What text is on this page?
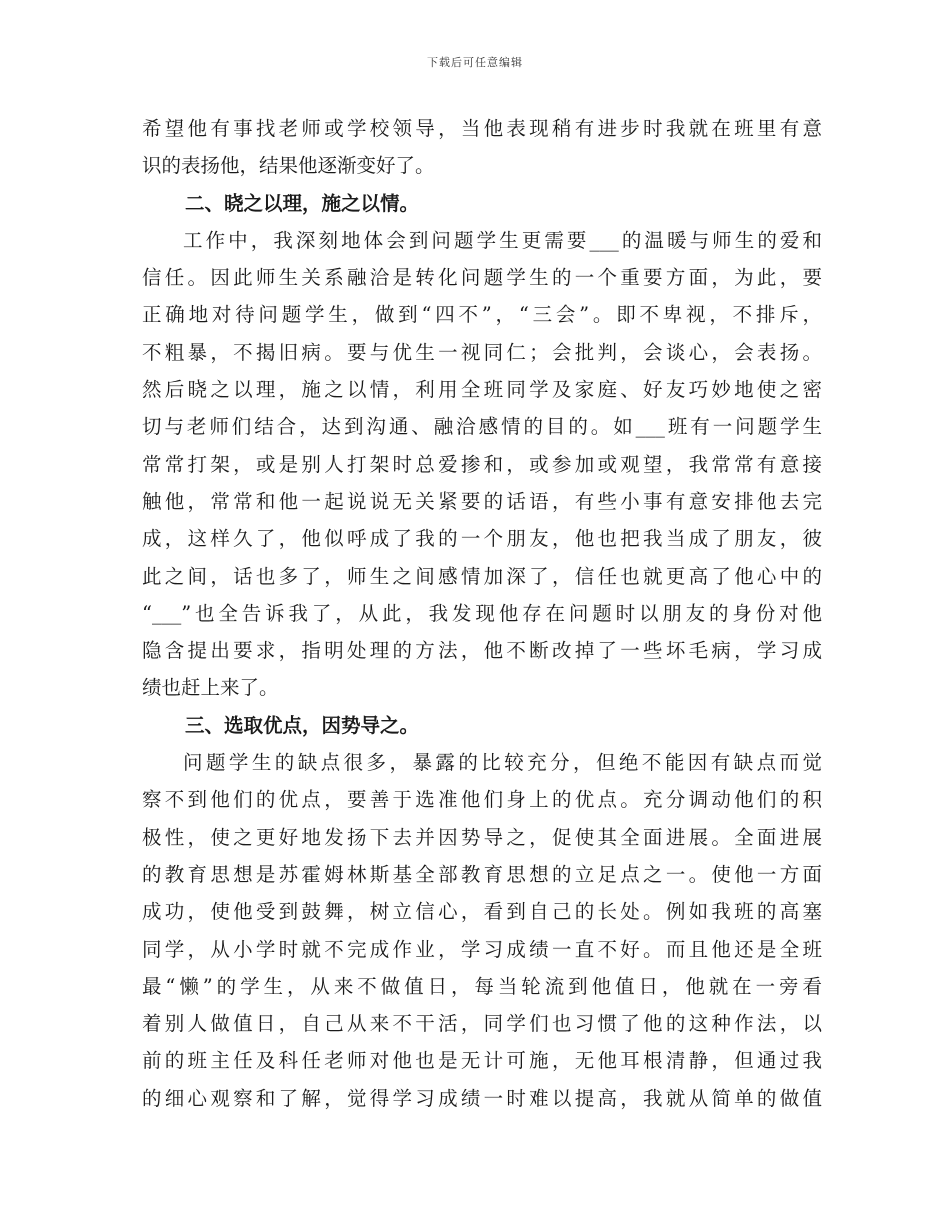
下载后可任意编辑
希望他有事找老师或学校领导，当他表现稍有进步时我就在班里有意
识的表扬他，结果他逐渐变好了。
二、晓之以理，施之以情。
工作中，我深刻地体会到问题学生更需要___的温暖与师生的爱和
信任。因此师生关系融洽是转化问题学生的一个重要方面，为此，要
正确地对待问题学生，做到“四不”，“三会”。即不卑视，不排斥，
不粗暴，不揭旧病。要与优生一视同仁；会批判，会谈心，会表扬。
然后晓之以理，施之以情，利用全班同学及家庭、好友巧妙地使之密
切与老师们结合，达到沟通、融洽感情的目的。如___班有一问题学生
常常打架，或是别人打架时总爱掺和，或参加或观望，我常常有意接
触他，常常和他一起说说无关紧要的话语，有些小事有意安排他去完
成，这样久了，他似呼成了我的一个朋友，他也把我当成了朋友，彼
此之间，话也多了，师生之间感情加深了，信任也就更高了他心中的
“___”也全告诉我了，从此，我发现他存在问题时以朋友的身份对他
隐含提出要求，指明处理的方法，他不断改掉了一些坏毛病，学习成
绩也赶上来了。
三、选取优点，因势导之。
问题学生的缺点很多，暴露的比较充分，但绝不能因有缺点而觉
察不到他们的优点，要善于选准他们身上的优点。充分调动他们的积
极性，使之更好地发扬下去并因势导之，促使其全面进展。全面进展
的教育思想是苏霍姆林斯基全部教育思想的立足点之一。使他一方面
成功，使他受到鼓舞，树立信心，看到自己的长处。例如我班的高塞
同学，从小学时就不完成作业，学习成绩一直不好。而且他还是全班
最“懒”的学生，从来不做值日，每当轮流到他值日，他就在一旁看
着别人做值日，自己从来不干活，同学们也习惯了他的这种作法，以
前的班主任及科任老师对他也是无计可施，无他耳根清静，但通过我
的细心观察和了解，觉得学习成绩一时难以提高，我就从简单的做值
